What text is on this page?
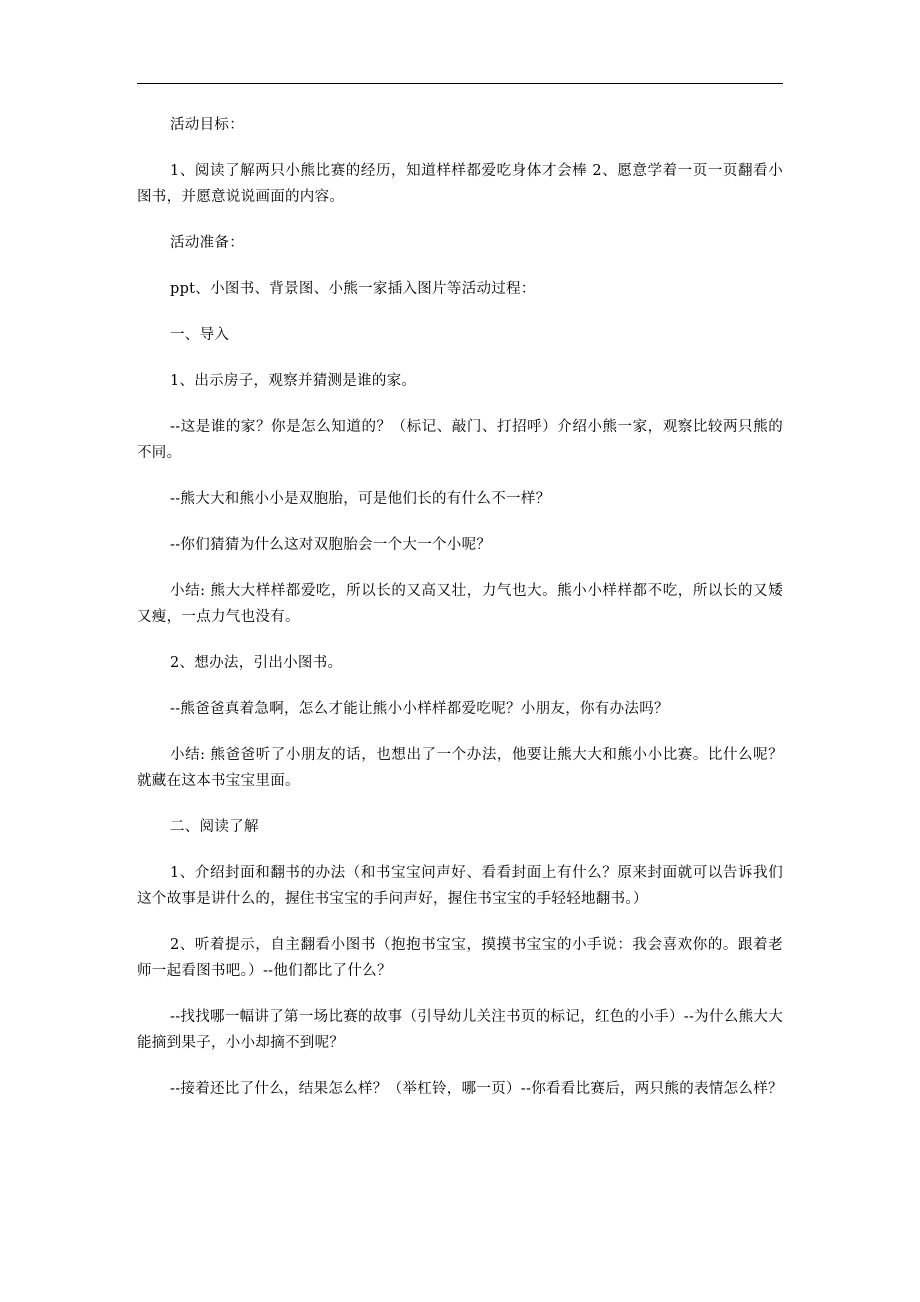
活动目标：

1、阅读了解两只小熊比赛的经历，知道样样都爱吃身体才会棒 2、愿意学着一页一页翻看小图书，并愿意说说画面的内容。

活动准备：

ppt、小图书、背景图、小熊一家插入图片等活动过程：

一、导入

1、出示房子，观察并猜测是谁的家。

--这是谁的家？你是怎么知道的？（标记、敲门、打招呼）介绍小熊一家，观察比较两只熊的不同。

--熊大大和熊小小是双胞胎，可是他们长的有什么不一样？

--你们猜猜为什么这对双胞胎会一个大一个小呢？

小结: 熊大大样样都爱吃，所以长的又高又壮，力气也大。熊小小样样都不吃，所以长的又矮又瘦，一点力气也没有。

2、想办法，引出小图书。

--熊爸爸真着急啊，怎么才能让熊小小样样都爱吃呢？小朋友，你有办法吗？

小结: 熊爸爸听了小朋友的话，也想出了一个办法，他要让熊大大和熊小小比赛。比什么呢？就藏在这本书宝宝里面。

二、阅读了解

1、介绍封面和翻书的办法（和书宝宝问声好、看看封面上有什么？原来封面就可以告诉我们这个故事是讲什么的，握住书宝宝的手问声好，握住书宝宝的手轻轻地翻书。）

2、听着提示，自主翻看小图书（抱抱书宝宝，摸摸书宝宝的小手说：我会喜欢你的。跟着老师一起看图书吧。）--他们都比了什么？

--找找哪一幅讲了第一场比赛的故事（引导幼儿关注书页的标记，红色的小手）--为什么熊大大能摘到果子，小小却摘不到呢？

--接着还比了什么，结果怎么样？（举杠铃，哪一页）--你看看比赛后，两只熊的表情怎么样？
